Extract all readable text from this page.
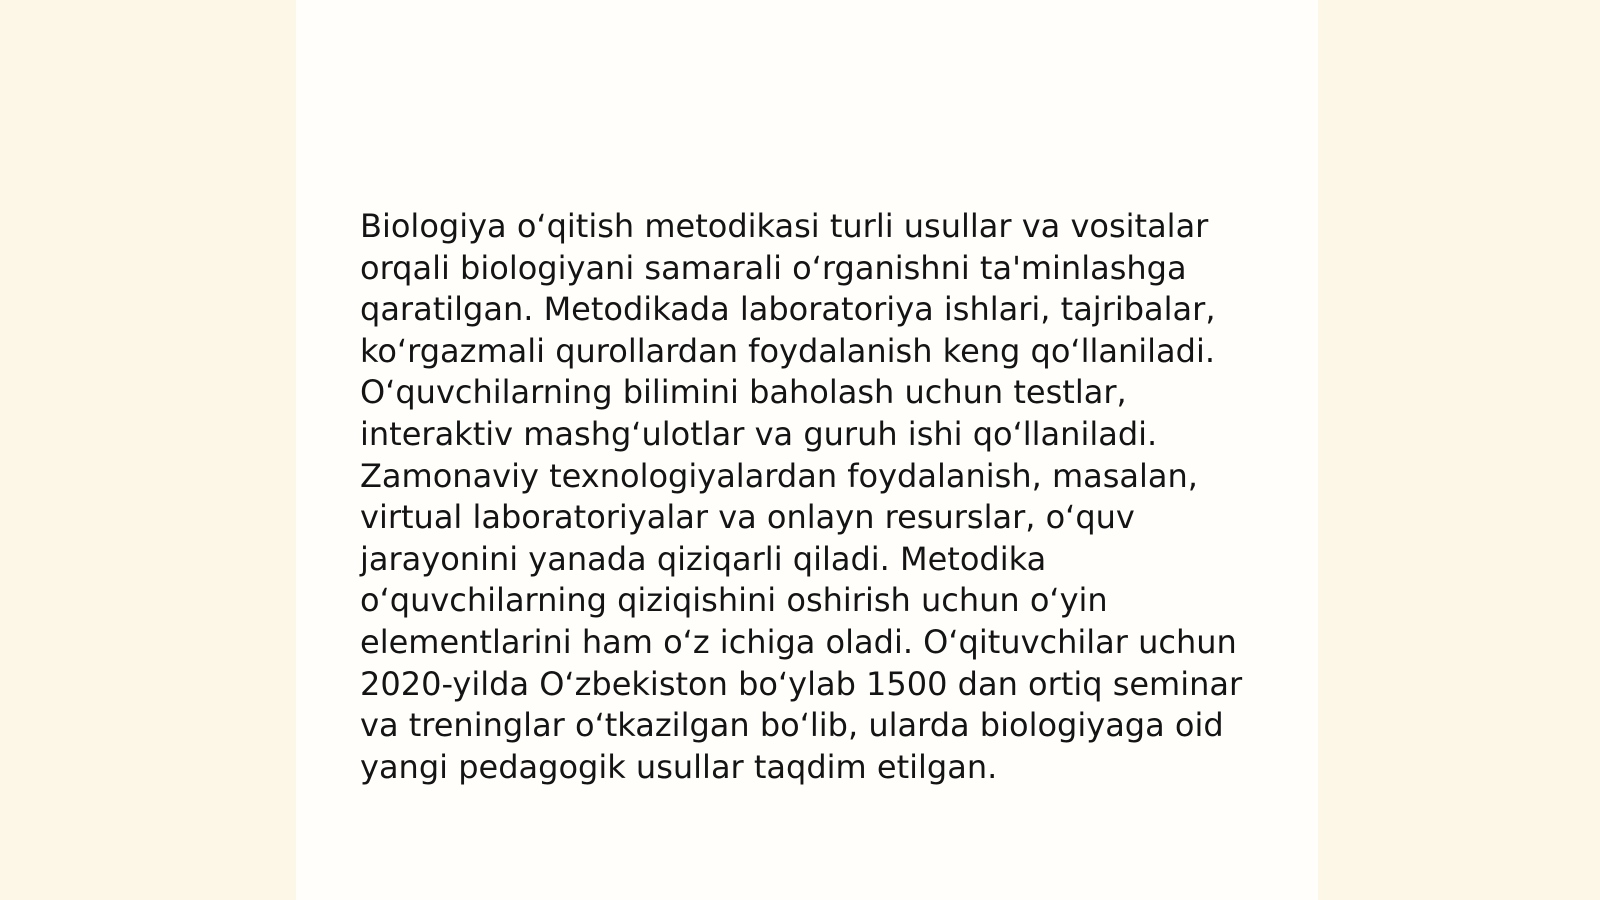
Biologiya oʻqitish metodikasi turli usullar va vositalar
orqali biologiyani samarali oʻrganishni ta'minlashga
qaratilgan. Metodikada laboratoriya ishlari, tajribalar,
koʻrgazmali qurollardan foydalanish keng qoʻllaniladi.
Oʻquvchilarning bilimini baholash uchun testlar,
interaktiv mashgʻulotlar va guruh ishi qoʻllaniladi.
Zamonaviy texnologiyalardan foydalanish, masalan,
virtual laboratoriyalar va onlayn resurslar, oʻquv
jarayonini yanada qiziqarli qiladi. Metodika
oʻquvchilarning qiziqishini oshirish uchun oʻyin
elementlarini ham oʻz ichiga oladi. Oʻqituvchilar uchun
2020-yilda Oʻzbekiston boʻylab 1500 dan ortiq seminar
va treninglar oʻtkazilgan boʻlib, ularda biologiyaga oid
yangi pedagogik usullar taqdim etilgan.
